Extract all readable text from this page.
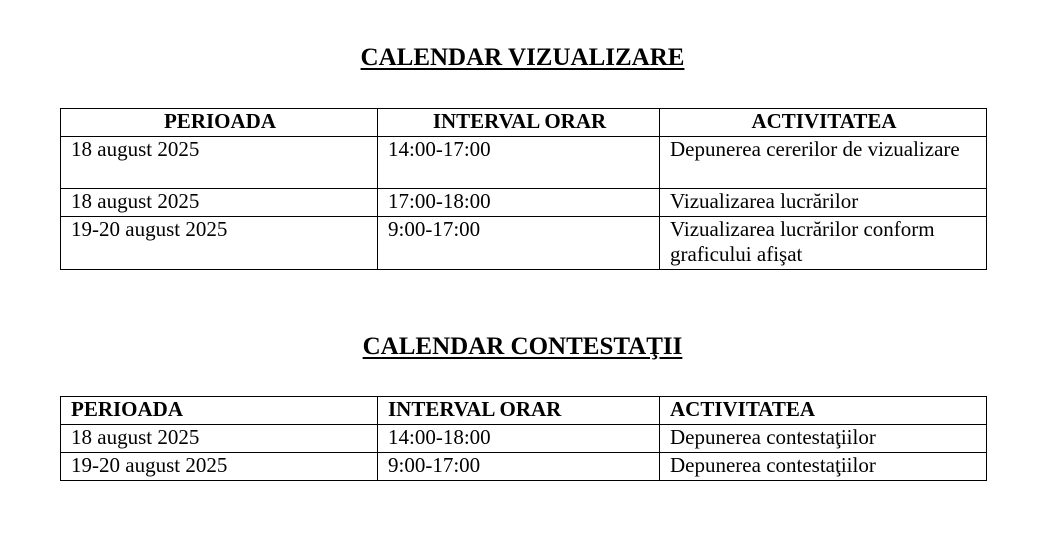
CALENDAR VIZUALIZARE
PERIOADA	INTERVAL ORAR	ACTIVITATEA
18 august 2025	14:00-17:00	Depunerea cererilor de vizualizare
18 august 2025	17:00-18:00	Vizualizarea lucrărilor
19-20 august 2025	9:00-17:00	Vizualizarea lucrărilor conform graficului afişat
CALENDAR CONTESTAŢII
PERIOADA	INTERVAL ORAR	ACTIVITATEA
18 august 2025	14:00-18:00	Depunerea contestaţiilor
19-20 august 2025	9:00-17:00	Depunerea contestaţiilor
